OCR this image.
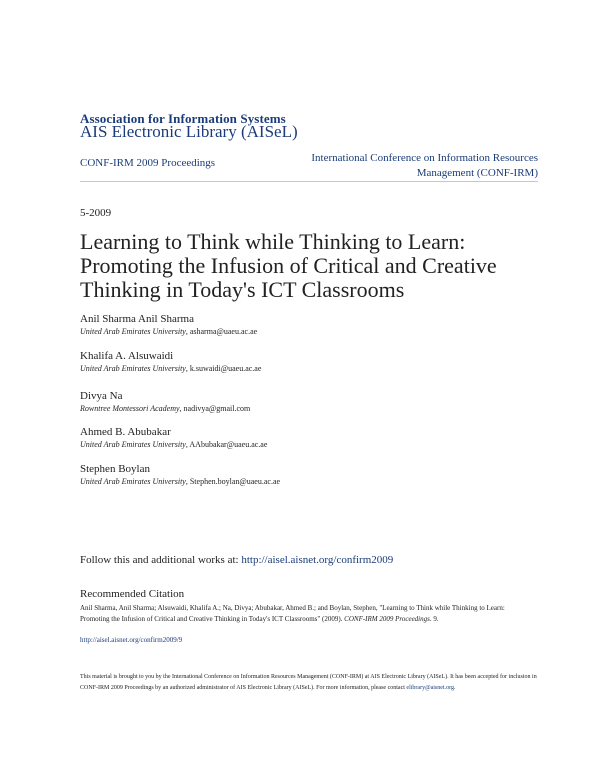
Association for Information Systems
AIS Electronic Library (AISeL)
CONF-IRM 2009 Proceedings	International Conference on Information Resources
Management (CONF-IRM)
5-2009
Learning to Think while Thinking to Learn:
Promoting the Infusion of Critical and Creative
Thinking in Today's ICT Classrooms
Anil Sharma Anil Sharma
United Arab Emirates University, asharma@uaeu.ac.ae
Khalifa A. Alsuwaidi
United Arab Emirates University, k.suwaidi@uaeu.ac.ae
Divya Na
Rowntree Montessori Academy, nadivya@gmail.com
Ahmed B. Abubakar
United Arab Emirates University, AAbubakar@uaeu.ac.ae
Stephen Boylan
United Arab Emirates University, Stephen.boylan@uaeu.ac.ae
Follow this and additional works at: http://aisel.aisnet.org/confirm2009
Recommended Citation
Anil Sharma, Anil Sharma; Alsuwaidi, Khalifa A.; Na, Divya; Abubakar, Ahmed B.; and Boylan, Stephen, "Learning to Think while Thinking to Learn: Promoting the Infusion of Critical and Creative Thinking in Today's ICT Classrooms" (2009). CONF-IRM 2009 Proceedings. 9.
http://aisel.aisnet.org/confirm2009/9
This material is brought to you by the International Conference on Information Resources Management (CONF-IRM) at AIS Electronic Library (AISeL). It has been accepted for inclusion in CONF-IRM 2009 Proceedings by an authorized administrator of AIS Electronic Library (AISeL). For more information, please contact elibrary@aisnet.org.
